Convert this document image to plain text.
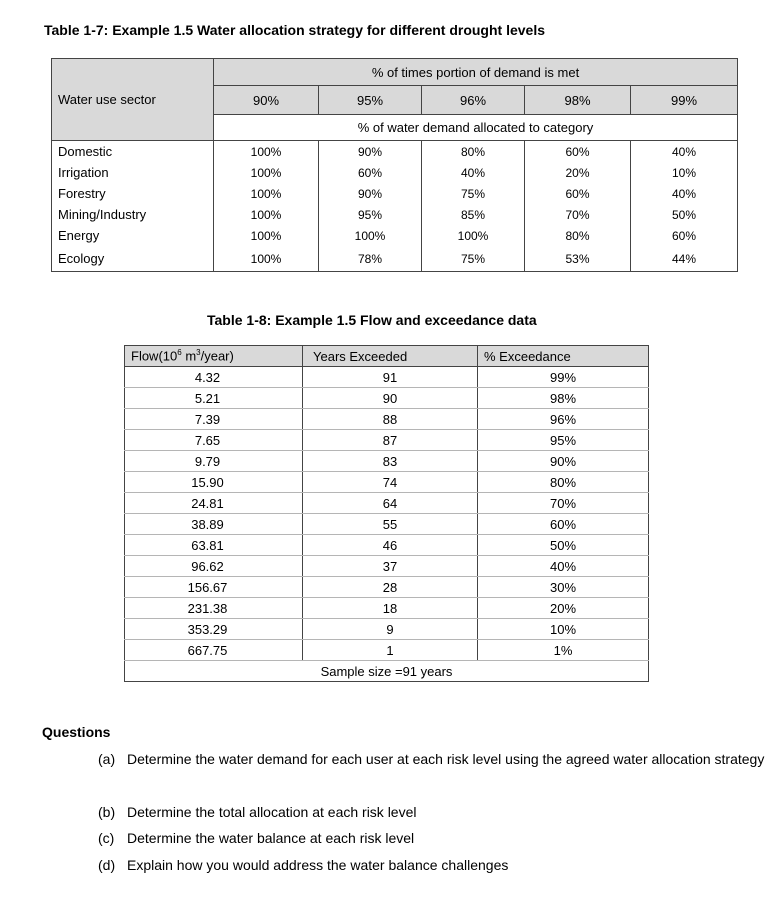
Table 1-7: Example 1.5 Water allocation strategy for different drought levels
Water use sector	% of times portion of demand is met				
	90%	95%	96%	98%	99%
	% of water demand allocated to category				
Domestic	100%	90%	80%	60%	40%
Irrigation	100%	60%	40%	20%	10%
Forestry	100%	90%	75%	60%	40%
Mining/Industry	100%	95%	85%	70%	50%
Energy	100%	100%	100%	80%	60%
Ecology	100%	78%	75%	53%	44%
Table 1-8: Example 1.5 Flow and exceedance data
$Flow(10^6$ $m^3/year$)	Years Exceeded	% Exceedance
4.32	91	99%
5.21	90	98%
7.39	88	96%
7.65	87	95%
9.79	83	90%
15.90	74	80%
24.81	64	70%
38.89	55	60%
63.81	46	50%
96.62	37	40%
156.67	28	30%
231.38	18	20%
353.29	9	10%
667.75	1	1%
Sample size =91 years		
Questions
(a) Determine the water demand for each user at each risk level using the agreed water allocation strategy
(b) Determine the total allocation at each risk level
(c) Determine the water balance at each risk level
(d) Explain how you would address the water balance challenges
